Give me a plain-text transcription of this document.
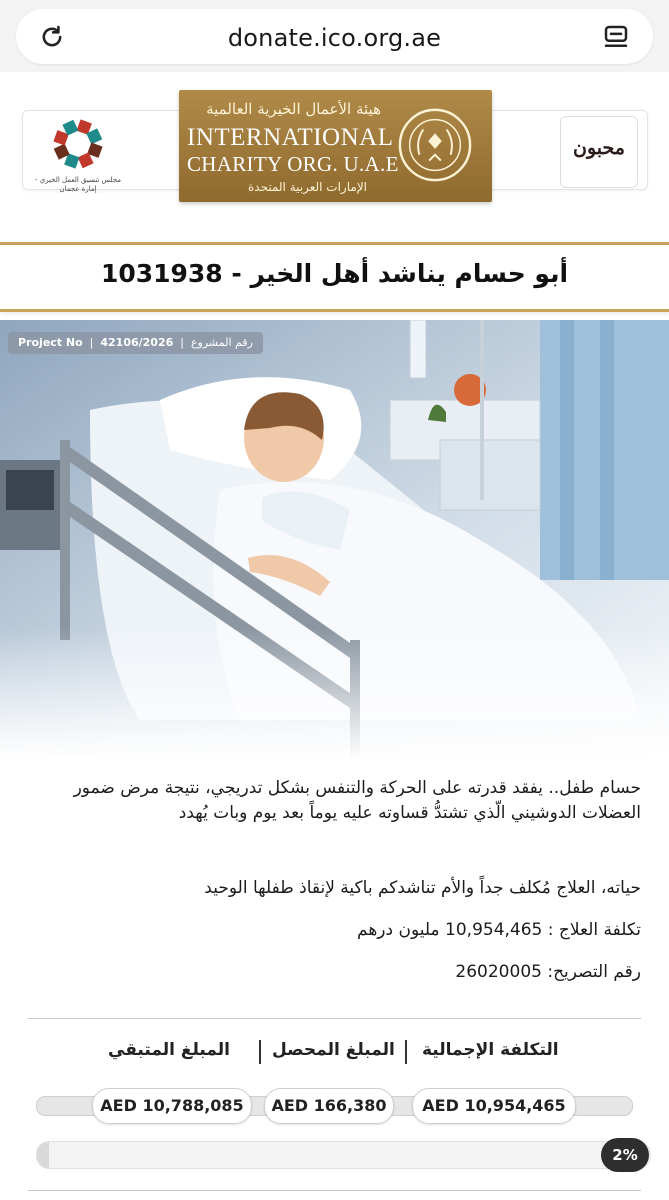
donate.ico.org.ae
مجلس تنسيق العمل الخيري - إمارة عجمان
هيئة الأعمال الخيرية العالمية
INTERNATIONAL
CHARITY ORG. U.A.E
الإمارات العربية المتحدة
محبون
أبو حسام يناشد أهل الخير - 1031938
Project No  |  42106/2026  |  رقم المشروع
حسام طفل.. يفقد قدرته على الحركة والتنفس بشكل تدريجي، نتيجة مرض ضمور العضلات الدوشيني الّذي تشتدُّ قساوته عليه يوماً بعد يوم وبات يُهدد
حياته، العلاج مُكلف جداً والأم تناشدكم باكية لإنقاذ طفلها الوحيد
تكلفة العلاج : 10,954,465 مليون درهم
رقم التصريح: 26020005
التكلفة الإجمالية
المبلغ المحصل
المبلغ المتبقي
AED 10,954,465
AED 166,380
AED 10,788,085
2%
